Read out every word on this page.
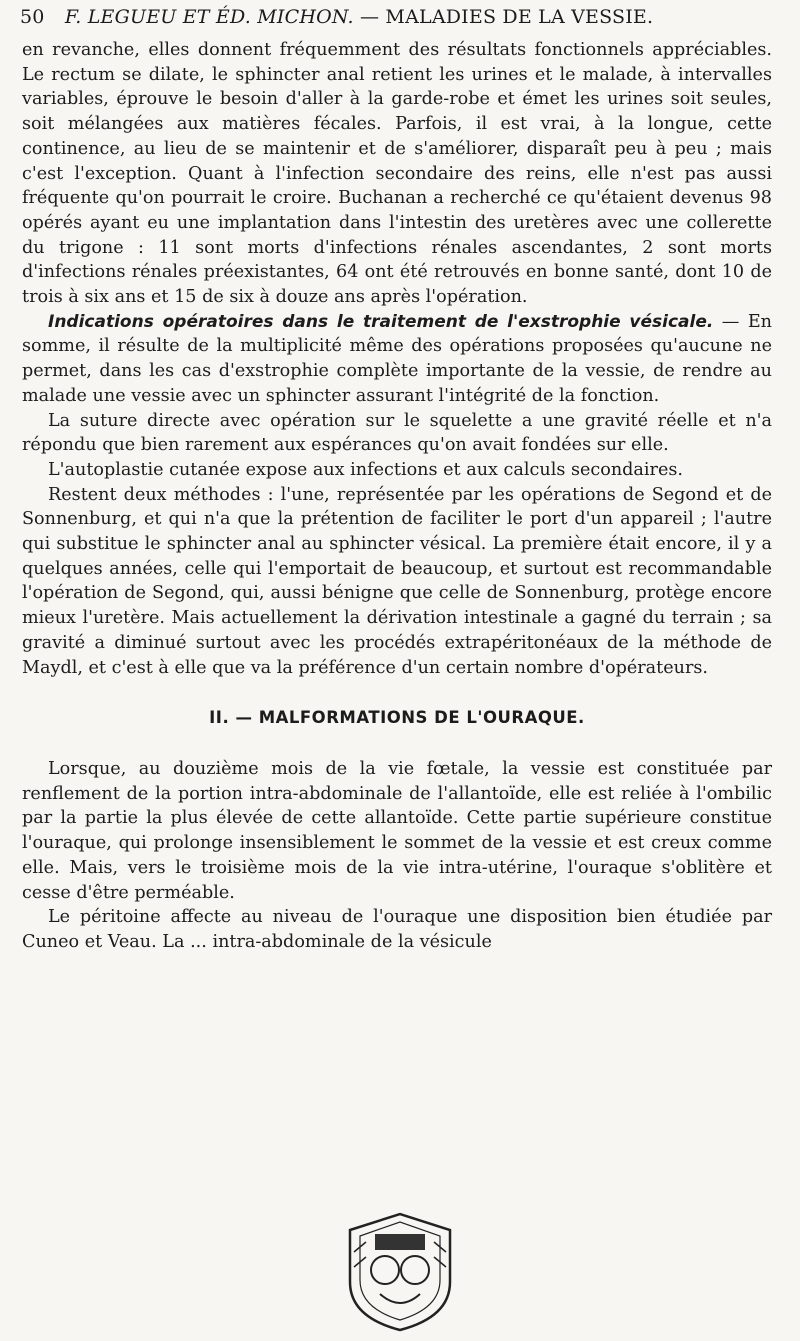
50 F. LEGUEU ET ÉD. MICHON. — MALADIES DE LA VESSIE.

en revanche, elles donnent fréquemment des résultats fonctionnels appréciables. Le rectum se dilate, le sphincter anal retient les urines et le malade, à intervalles variables, éprouve le besoin d'aller à la garde-robe et émet les urines soit seules, soit mélangées aux matières fécales. Parfois, il est vrai, à la longue, cette continence, au lieu de se maintenir et de s'améliorer, disparaît peu à peu ; mais c'est l'exception. Quant à l'infection secondaire des reins, elle n'est pas aussi fréquente qu'on pourrait le croire. Buchanan a recherché ce qu'étaient devenus 98 opérés ayant eu une implantation dans l'intestin des uretères avec une collerette du trigone : 11 sont morts d'infections rénales ascendantes, 2 sont morts d'infections rénales préexistantes, 64 ont été retrouvés en bonne santé, dont 10 de trois à six ans et 15 de six à douze ans après l'opération.

Indications opératoires dans le traitement de l'exstrophie vésicale. — En somme, il résulte de la multiplicité même des opérations proposées qu'aucune ne permet, dans les cas d'exstrophie complète importante de la vessie, de rendre au malade une vessie avec un sphincter assurant l'intégrité de la fonction.

La suture directe avec opération sur le squelette a une gravité réelle et n'a répondu que bien rarement aux espérances qu'on avait fondées sur elle.

L'autoplastie cutanée expose aux infections et aux calculs secondaires.

Restent deux méthodes : l'une, représentée par les opérations de Segond et de Sonnenburg, et qui n'a que la prétention de faciliter le port d'un appareil ; l'autre qui substitue le sphincter anal au sphincter vésical. La première était encore, il y a quelques années, celle qui l'emportait de beaucoup, et surtout est recommandable l'opération de Segond, qui, aussi bénigne que celle de Sonnenburg, protège encore mieux l'uretère. Mais actuellement la dérivation intestinale a gagné du terrain ; sa gravité a diminué surtout avec les procédés extrapéritonéaux de la méthode de Maydl, et c'est à elle que va la préférence d'un certain nombre d'opérateurs.

II. — MALFORMATIONS DE L'OURAQUE.

Lorsque, au douzième mois de la vie fœtale, la vessie est constituée par renflement de la portion intra-abdominale de l'allantoïde, elle est reliée à l'ombilic par la partie la plus élevée de cette allantoïde. Cette partie supérieure constitue l'ouraque, qui prolonge insensiblement le sommet de la vessie et est creux comme elle. Mais, vers le troisième mois de la vie intra-utérine, l'ouraque s'oblitère et cesse d'être perméable.

Le péritoine affecte au niveau de l'ouraque une disposition bien étudiée par Cuneo et Veau. La ... intra-abdominale de la vésicule
